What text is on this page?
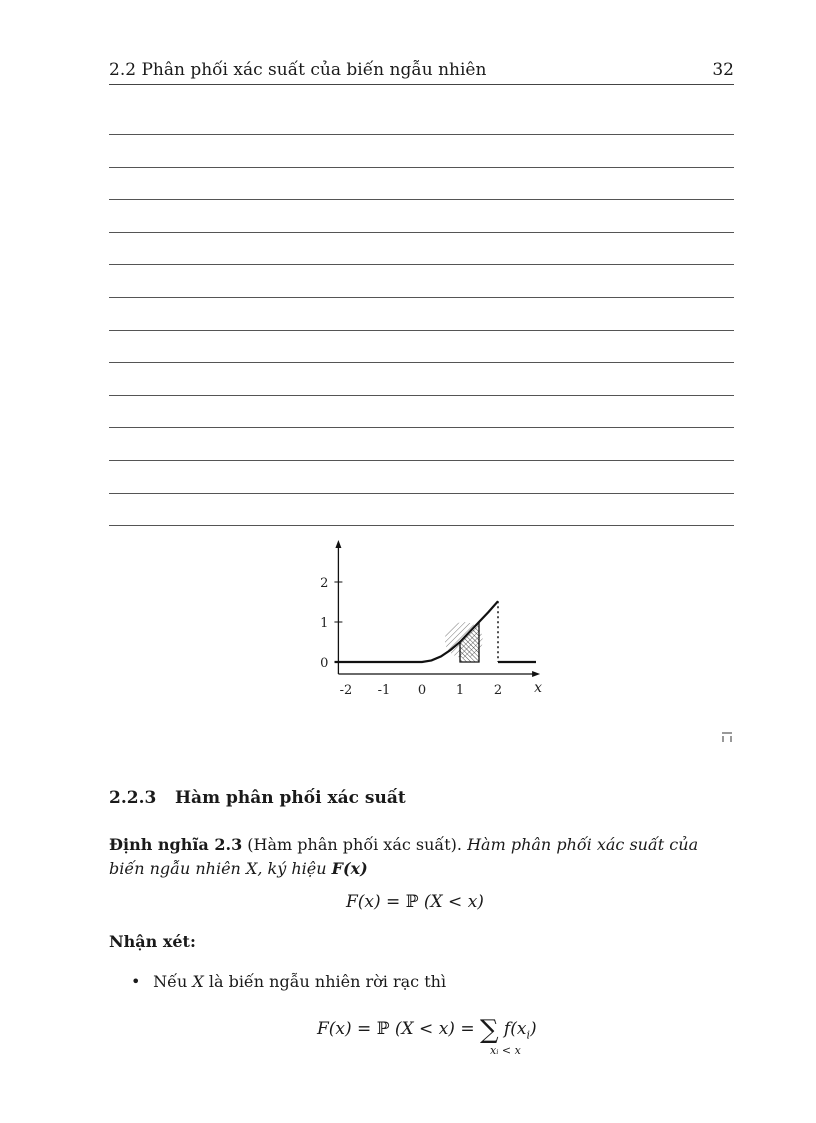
2.2 Phân phối xác suất của biến ngẫu nhiên	32
0
1
2
-2 -1 0 1 2 x
2.2.3 Hàm phân phối xác suất
Định nghĩa 2.3 (Hàm phân phối xác suất). Hàm phân phối xác suất của
biến ngẫu nhiên X, ký hiệu F(x)
F(x) = ℙ (X < x)
Nhận xét:
• Nếu X là biến ngẫu nhiên rời rạc thì
F(x) = ℙ (X < x) = ∑ $f(x_i)$
xᵢ < x
